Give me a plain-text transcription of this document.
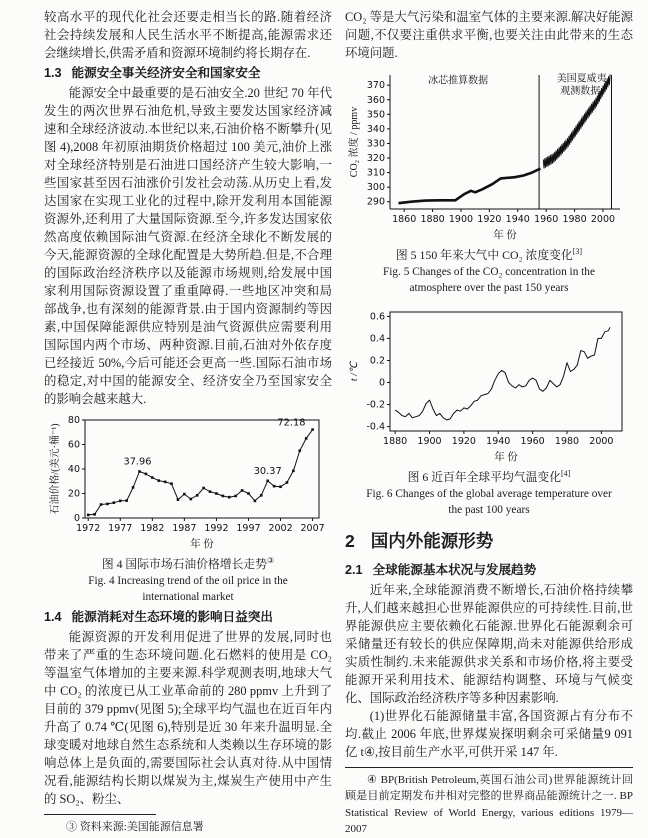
较高水平的现代化社会还要走相当长的路.随着经济社会持续发展和人民生活水平不断提高,能源需求还会继续增长,供需矛盾和资源环境制约将长期存在.

1.3 能源安全事关经济安全和国家安全

能源安全中最重要的是石油安全.20 世纪 70 年代发生的两次世界石油危机,导致主要发达国家经济减速和全球经济波动.本世纪以来,石油价格不断攀升(见图 4),2008 年初原油期货价格超过 100 美元,油价上涨对全球经济特别是石油进口国经济产生较大影响,一些国家甚至因石油涨价引发社会动荡.从历史上看,发达国家在实现工业化的过程中,除开发利用本国能源资源外,还利用了大量国际资源.至今,许多发达国家依然高度依赖国际油气资源.在经济全球化不断发展的今天,能源资源的全球化配置是大势所趋.但是,不合理的国际政治经济秩序以及能源市场规则,给发展中国家利用国际资源设置了重重障碍.一些地区冲突和局部战争,也有深刻的能源背景.由于国内资源制约等因素,中国保障能源供应特别是油气资源供应需要利用国际国内两个市场、两种资源.目前,石油对外依存度已经接近 50%,今后可能还会更高一些.国际石油市场的稳定,对中国的能源安全、经济安全乃至国家安全的影响会越来越大.

1972 1977 1982 1987 1992 1997 2002 2007
0
20
40
60
80
37.96
30.37
72.18
年 份
石油价格/(美元·桶⁻¹)
图 4 国际市场石油价格增长走势③
Fig. 4 Increasing trend of the oil price in the international market
1.4 能源消耗对生态环境的影响日益突出

能源资源的开发利用促进了世界的发展,同时也带来了严重的生态环境问题.化石燃料的使用是 CO₂ 等温室气体增加的主要来源.科学观测表明,地球大气中 CO₂ 的浓度已从工业革命前的 280 ppmv 上升到了目前的 379 ppmv(见图 5);全球平均气温也在近百年内升高了 0.74 ℃(见图 6),特别是近 30 年来升温明显.全球变暖对地球自然生态系统和人类赖以生存环境的影响总体上是负面的,需要国际社会认真对待.从中国情况看,能源结构长期以煤炭为主,煤炭生产使用中产生的 SO₂、粉尘、

③ 资料来源:美国能源信息署

CO₂ 等是大气污染和温室气体的主要来源.解决好能源问题,不仅要注重供求平衡,也要关注由此带来的生态环境问题.

1860 1880 1900 1920 1940 1960 1980 2000
290
300
310
320
330
340
350
360
370	冰芯推算数据	美国夏威夷
观测数据
年 份
CO₂ 浓度 / ppmv
图 5 150 年来大气中 CO₂ 浓度变化[3]
Fig. 5 Changes of the CO₂ concentration in the atmosphere over the past 150 years
1880 1900 1920 1940 1960 1980 2000
-0.4
-0.2
0
0.2
0.4
0.6
年 份
t /℃
图 6 近百年全球平均气温变化[4]
Fig. 6 Changes of the global average temperature over the past 100 years
2 国内外能源形势
2.1 全球能源基本状况与发展趋势

近年来,全球能源消费不断增长,石油价格持续攀升,人们越来越担心世界能源供应的可持续性.目前,世界能源供应主要依赖化石能源.世界化石能源剩余可采储量还有较长的供应保障期,尚未对能源供给形成实质性制约.未来能源供求关系和市场价格,将主要受能源开采利用技术、能源结构调整、环境与气候变化、国际政治经济秩序等多种因素影响.

(1)世界化石能源储量丰富,各国资源占有分布不均.截止 2006 年底,世界煤炭探明剩余可采储量9 091亿 t④,按目前生产水平,可供开采 147 年.

④ BP(British Petroleum,英国石油公司)世界能源统计回顾是目前定期发布并相对完整的世界商品能源统计之一. BP Statistical Review of World Energy, various editions 1979—2007
